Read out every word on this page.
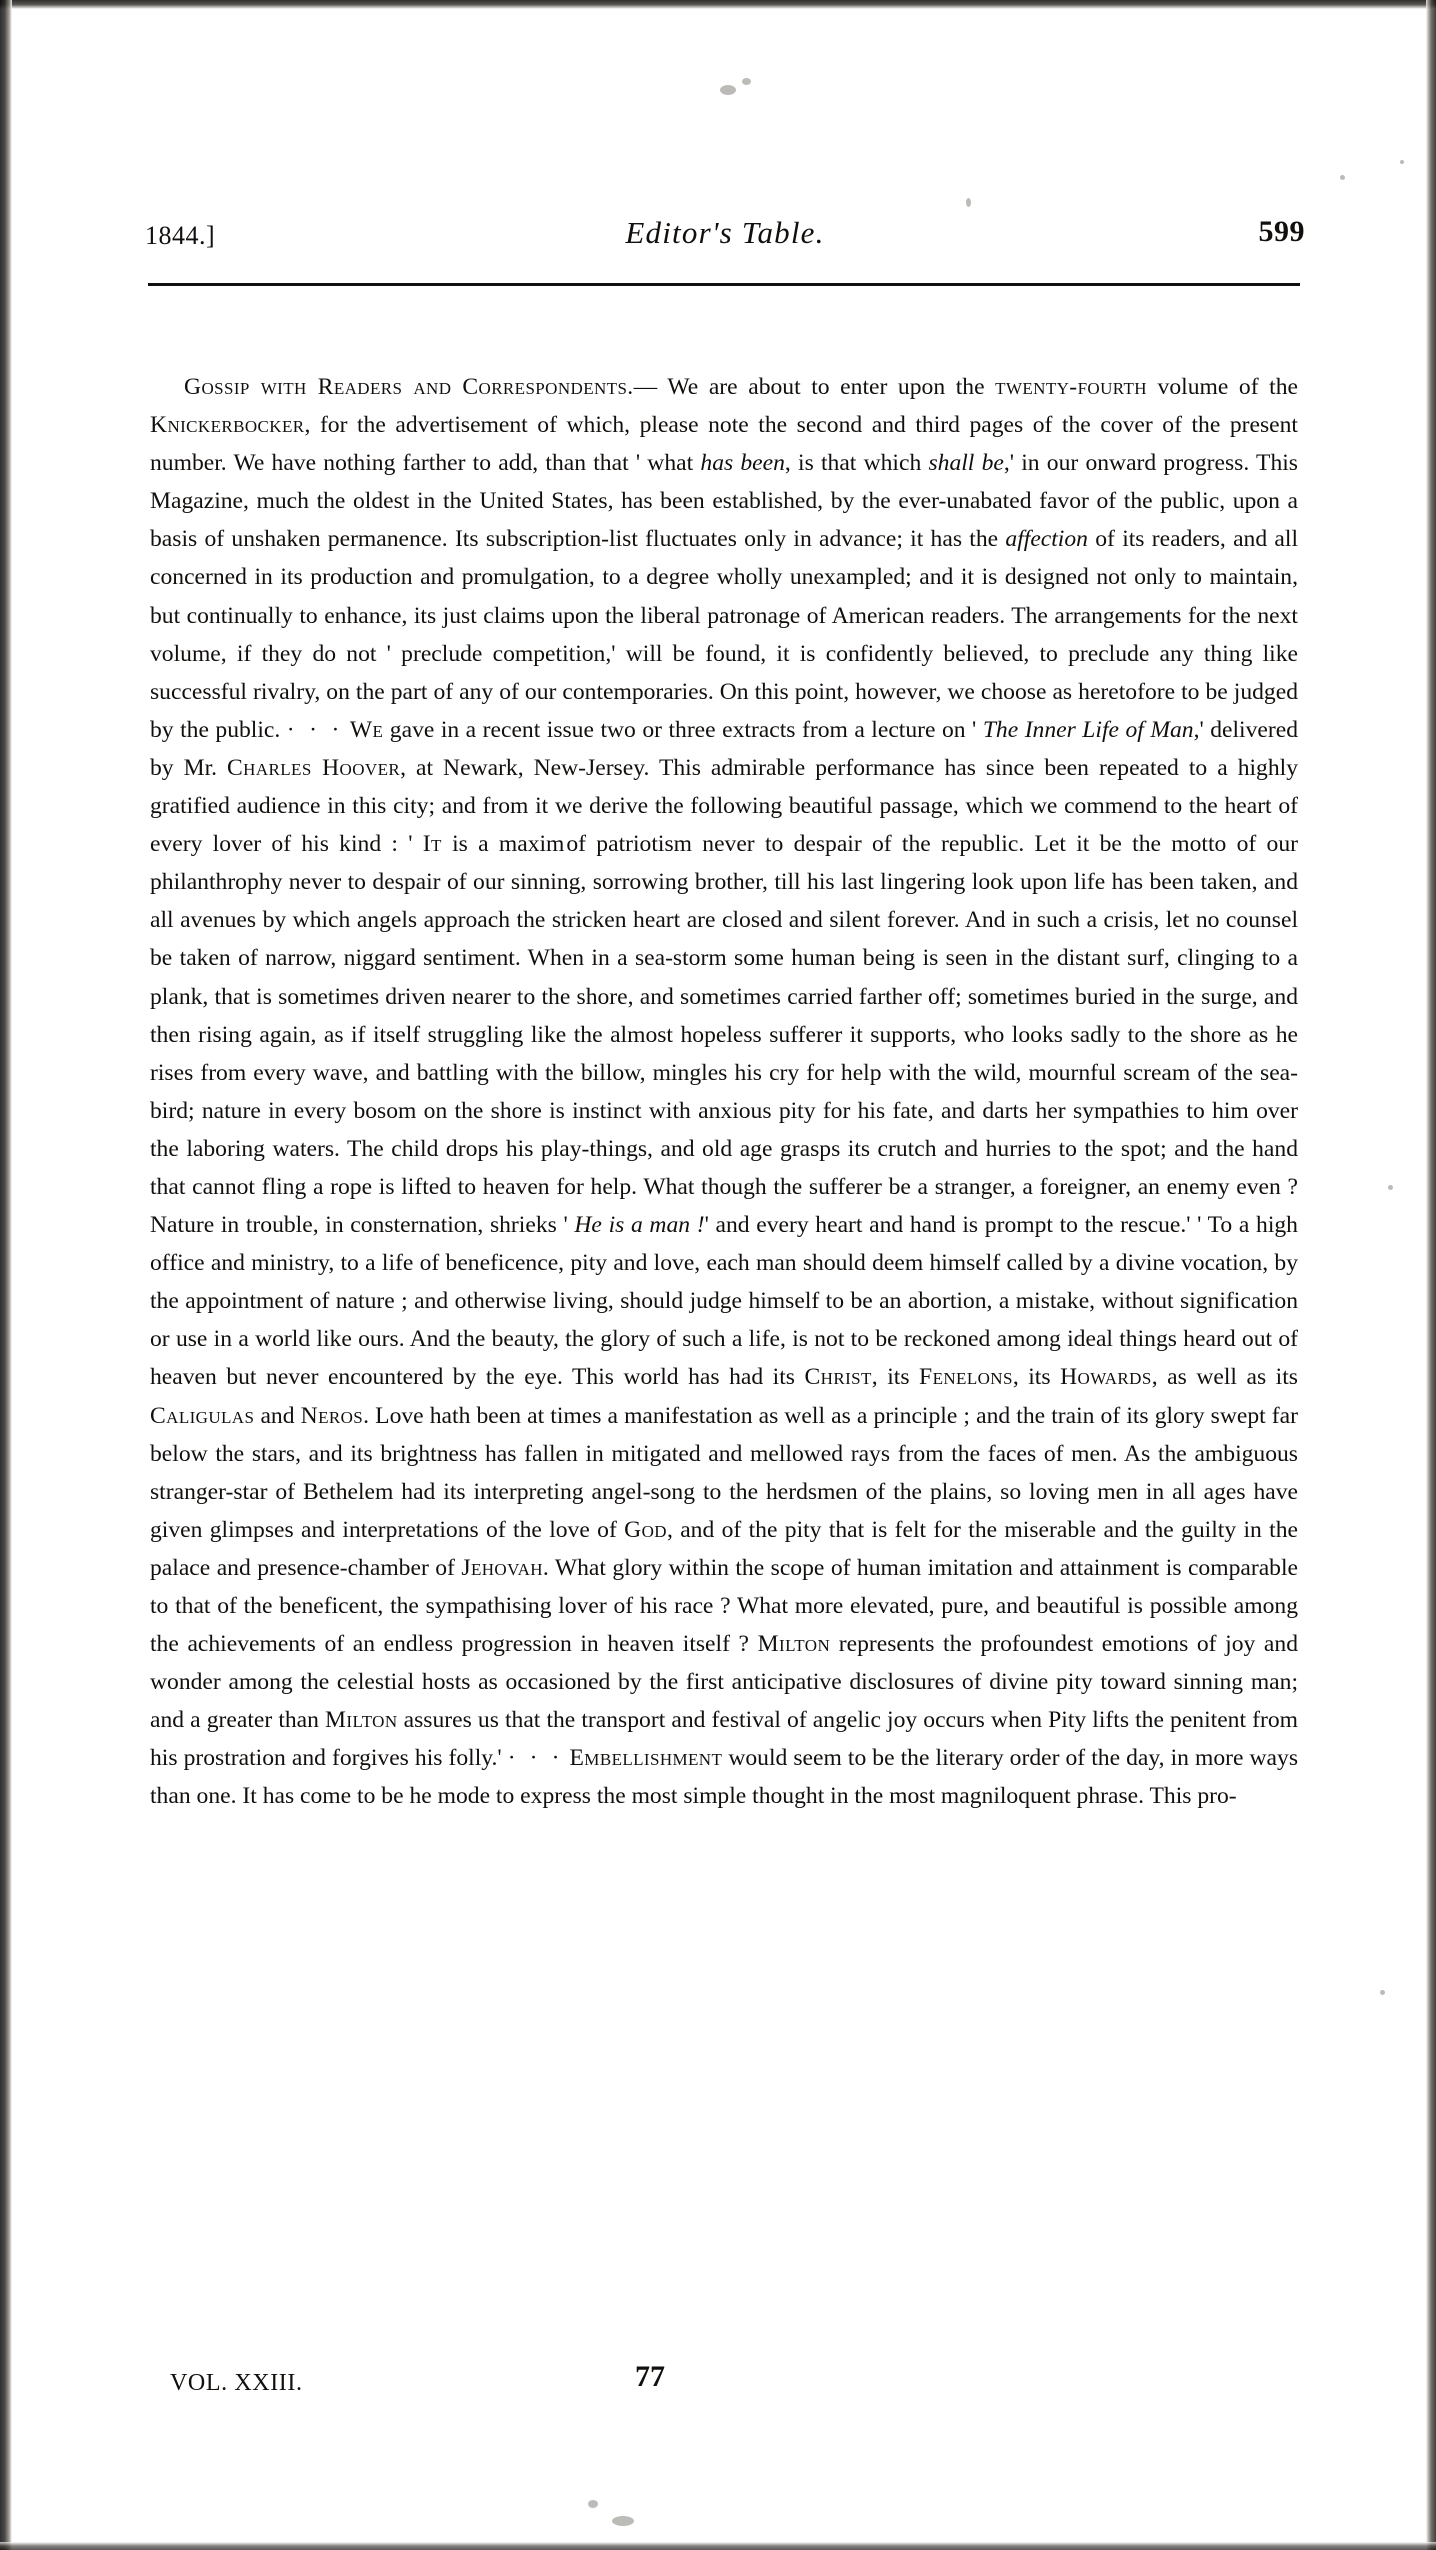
1844.]	Editor's Table.	599

Gossip with Readers and Correspondents.— We are about to enter upon the twenty-fourth volume of the Knickerbocker, for the advertisement of which, please note the second and third pages of the cover of the present number. We have nothing farther to add, than that ' what has been, is that which shall be,' in our onward progress. This Magazine, much the oldest in the United States, has been established, by the ever-unabated favor of the public, upon a basis of unshaken permanence. Its subscription-list fluctuates only in advance; it has the affection of its readers, and all concerned in its production and promulgation, to a degree wholly unexampled; and it is designed not only to maintain, but continually to enhance, its just claims upon the liberal patronage of American readers. The arrangements for the next volume, if they do not ' preclude competition,' will be found, it is confidently believed, to preclude any thing like successful rivalry, on the part of any of our contemporaries. On this point, however, we choose as heretofore to be judged by the public. · · · We gave in a recent issue two or three extracts from a lecture on ' The Inner Life of Man,' delivered by Mr. Charles Hoover, at Newark, New-Jersey. This admirable performance has since been repeated to a highly gratified audience in this city; and from it we derive the following beautiful passage, which we commend to the heart of every lover of his kind : ' It is a maxim of patriotism never to despair of the republic. Let it be the motto of our philanthrophy never to despair of our sinning, sorrowing brother, till his last lingering look upon life has been taken, and all avenues by which angels approach the stricken heart are closed and silent forever. And in such a crisis, let no counsel be taken of narrow, niggard sentiment. When in a sea-storm some human being is seen in the distant surf, clinging to a plank, that is sometimes driven nearer to the shore, and sometimes carried farther off; sometimes buried in the surge, and then rising again, as if itself struggling like the almost hopeless sufferer it supports, who looks sadly to the shore as he rises from every wave, and battling with the billow, mingles his cry for help with the wild, mournful scream of the sea-bird; nature in every bosom on the shore is instinct with anxious pity for his fate, and darts her sympathies to him over the laboring waters. The child drops his play-things, and old age grasps its crutch and hurries to the spot; and the hand that cannot fling a rope is lifted to heaven for help. What though the sufferer be a stranger, a foreigner, an enemy even ? Nature in trouble, in consternation, shrieks ' He is a man !' and every heart and hand is prompt to the rescue.' ' To a high office and ministry, to a life of beneficence, pity and love, each man should deem himself called by a divine vocation, by the appointment of nature ; and otherwise living, should judge himself to be an abortion, a mistake, without signification or use in a world like ours. And the beauty, the glory of such a life, is not to be reckoned among ideal things heard out of heaven but never encountered by the eye. This world has had its Christ, its Fenelons, its Howards, as well as its Caligulas and Neros. Love hath been at times a manifestation as well as a principle ; and the train of its glory swept far below the stars, and its brightness has fallen in mitigated and mellowed rays from the faces of men. As the ambiguous stranger-star of Bethelem had its interpreting angel-song to the herdsmen of the plains, so loving men in all ages have given glimpses and interpretations of the love of God, and of the pity that is felt for the miserable and the guilty in the palace and presence-chamber of Jehovah. What glory within the scope of human imitation and attainment is comparable to that of the beneficent, the sympathising lover of his race ? What more elevated, pure, and beautiful is possible among the achievements of an endless progression in heaven itself ? Milton represents the profoundest emotions of joy and wonder among the celestial hosts as occasioned by the first anticipative disclosures of divine pity toward sinning man; and a greater than Milton assures us that the transport and festival of angelic joy occurs when Pity lifts the penitent from his prostration and forgives his folly.' · · · Embellishment would seem to be the literary order of the day, in more ways than one. It has come to be he mode to express the most simple thought in the most magniloquent phrase. This pro-

VOL. XXIII.	77
